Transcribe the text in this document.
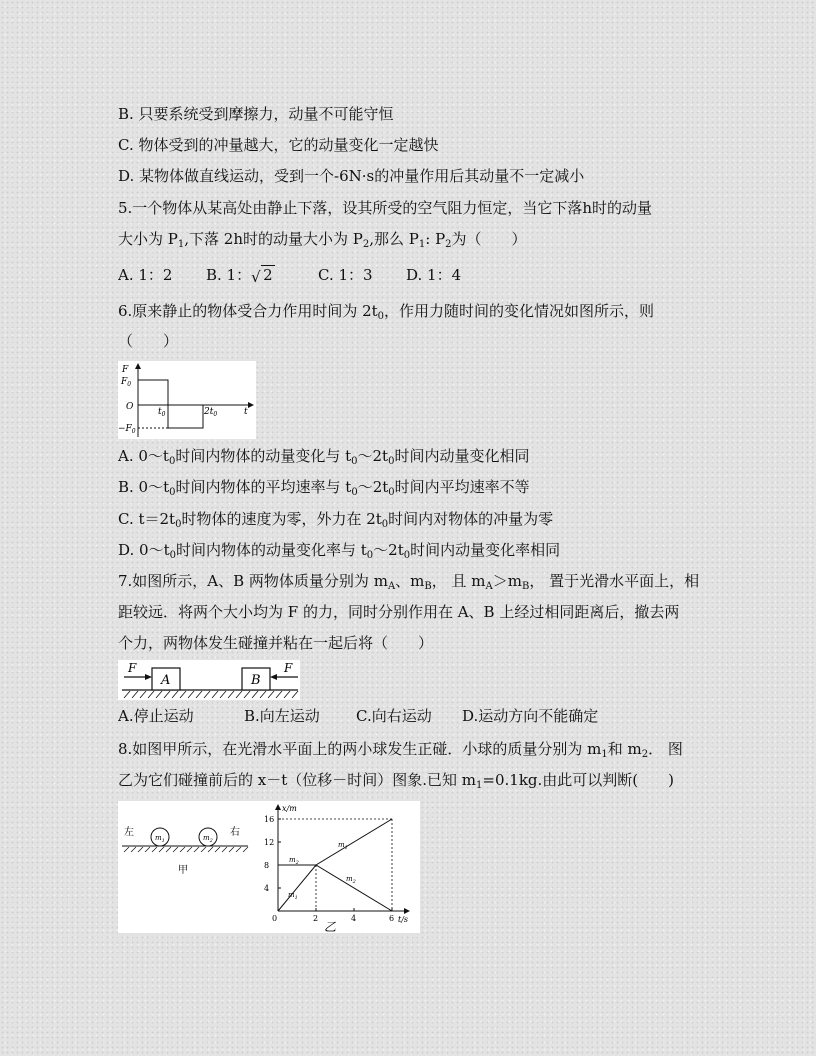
B. 只要系统受到摩擦力，动量不可能守恒
C. 物体受到的冲量越大，它的动量变化一定越快
D. 某物体做直线运动，受到一个-6N·s的冲量作用后其动量不一定减小
5.一个物体从某高处由静止下落，设其所受的空气阻力恒定，当它下落h时的动量
大小为 $P_1$,下落 2h时的动量大小为 $P_2$,那么 $P_1$: $P_2$为（　　）
A. 1：2 B. 1： √ 2	C. 1：3 D. 1：4
6.原来静止的物体受合力作用时间为 $2t_0$，作用力随时间的变化情况如图所示，则
（　　）
F
$F_0$
O	$t_0$	$2t_0$	t
$-F_0$
A. $0\sim t_0$时间内物体的动量变化与 $t_0\sim 2t_0$时间内动量变化相同
B. $0\sim t_0$时间内物体的平均速率与 $t_0\sim 2t_0$时间内平均速率不等
C. $t=2t_0$时物体的速度为零，外力在 $2t_0$时间内对物体的冲量为零
D. $0\sim t_0$时间内物体的动量变化率与 $t_0\sim 2t_0$时间内动量变化率相同
7.如图所示，A、B 两物体质量分别为 $m_A$、$m_B$， 且 $m_A>m_B$， 置于光滑水平面上，相
距较远．将两个大小均为 F 的力，同时分别作用在 A、B 上经过相同距离后，撤去两
个力，两物体发生碰撞并粘在一起后将（　　）
F	F
A	B
A.停止运动	B.向左运动 C.向右运动 D.运动方向不能确定
8.如图甲所示，在光滑水平面上的两小球发生正碰．小球的质量分别为 $m_1$和 $m_2$． 图
乙为它们碰撞前后的 x－t（位移－时间）图象.已知 $m_1=0.1kg$.由此可以判断(　　)
左	右
$m_1$	$m_2$
甲
乙
x/m
t/s
16
12
8
4
0	2	4	6
$m_1$
$m_2$
$m_2$
$m_1$
